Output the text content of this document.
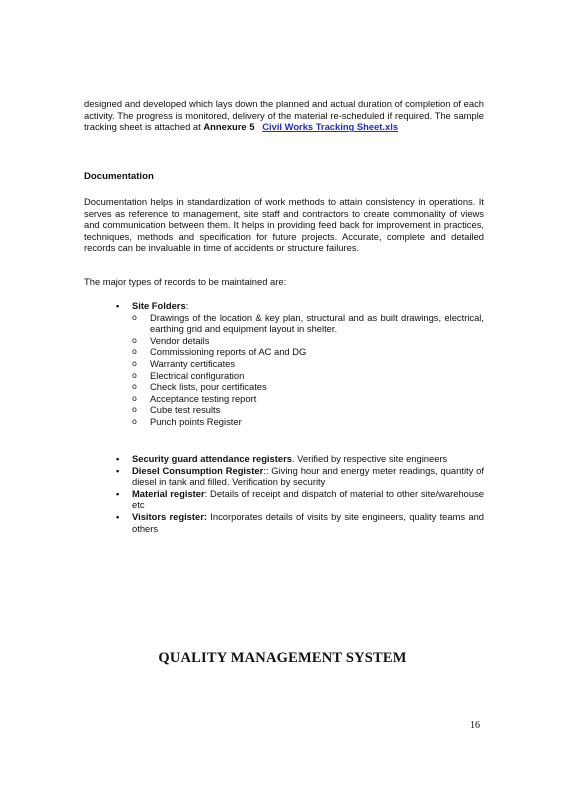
designed and developed which lays down the planned and actual duration of completion of each activity. The progress is monitored, delivery of the material re-scheduled if required. The sample tracking sheet is attached at Annexure 5 Civil Works Tracking Sheet.xls

Documentation

Documentation helps in standardization of work methods to attain consistency in operations. It serves as reference to management, site staff and contractors to create commonality of views and communication between them. It helps in providing feed back for improvement in practices, techniques, methods and specification for future projects. Accurate, complete and detailed records can be invaluable in time of accidents or structure failures.

The major types of records to be maintained are:

• Site Folders:
o Drawings of the location & key plan, structural and as built drawings, electrical, earthing grid and equipment layout in shelter.
o Vendor details
o Commissioning reports of AC and DG
o Warranty certificates
o Electrical configuration
o Check lists, pour certificates
o Acceptance testing report
o Cube test results
o Punch points Register
• Security guard attendance registers. Verified by respective site engineers
• Diesel Consumption Register:: Giving hour and energy meter readings, quantity of diesel in tank and filled. Verification by security
• Material register: Details of receipt and dispatch of material to other site/warehouse etc
• Visitors register: Incorporates details of visits by site engineers, quality teams and others
QUALITY MANAGEMENT SYSTEM
16
